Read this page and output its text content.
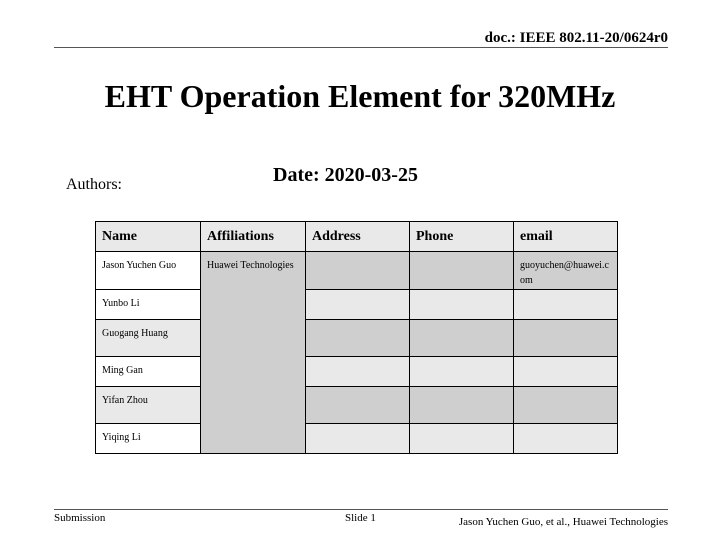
doc.: IEEE 802.11-20/0624r0
EHT Operation Element for 320MHz
Date: 2020-03-25
Authors:
Name	Affiliations	Address	Phone	email
Jason Yuchen Guo	Huawei Technologies			guoyuchen@huawei.com
Yunbo Li				
Guogang Huang				
Ming Gan				
Yifan Zhou				
Yiqing Li				
Submission	Slide 1	Jason Yuchen Guo, et al., Huawei Technologies
